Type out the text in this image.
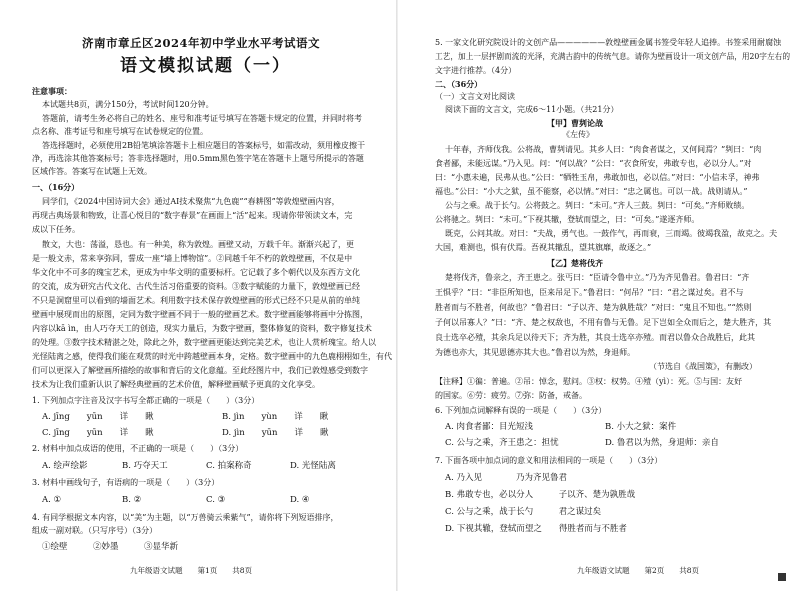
济南市章丘区2024年初中学业水平考试语文
语文模拟试题（一）
注意事项：
本试题共8页，满分150分，考试时间120分钟。
答题前，请考生务必将自己的姓名、座号和准考证号填写在答题卡规定的位置，并同时将考
点名称、准考证号和座号填写在试卷规定的位置。
答选择题时，必须使用2B铅笔填涂答题卡上相应题目的答案标号，如需改动，须用橡皮擦干
净，再选涂其他答案标号；答非选择题时，用0.5mm黑色签字笔在答题卡上题号所提示的答题
区域作答。答案写在试题上无效。
一、（16分）
同学们，《2024中国诗词大会》通过AI技术聚焦“九色鹿”“春耕图”等敦煌壁画内容，
再现古典场景和物致，让喜心悦目的“数字春景”在画面上“活”起来。现请你带领读文本，完
成以下任务。
散文，大也：荡溢，恳也。有一种美，称为敦煌。画壁又动，万载千年。渐渐兴起了，更
是一般文赤，常来享弥同，誓成一座“墙上博物馆”。②同越千年不朽的敦煌壁画，不仅是中
华文化中不可多的瑰宝艺术，更成为中华文明的重要标杆。它记载了多个朝代以及东西方文化
的交流，成为研究古代文化、古代生活习俗重要的资料。③数字赋能的力量下，敦煌壁画已经
不只是洞窟里可以看到的墙面艺术。利用数字技术保存敦煌壁画的形式已经不只是从前的单纯
壁画中展现而出的原图，定同为数字壁画不同于一般的壁画艺术。数字壁画能够将画中分拣图，
内容以kā ìn，由人巧夺天工的创造，现实力量后，为数字壁画，整体修复的资料，数字修复技术
的处理。③数字技术精湛之处，除此之外，数字壁画更能达到完美艺术，也让人赏析瑰宝。给人以
光怪陆离之感，使得我们能在观赏的时光中跨越壁画本身，定格。数字壁画中的九色鹿栩栩如生，有代
们可以更深入了解壁画所描绘的故事和背后的文化意蕴。至此经图片中，我们已敦煌感受到数字
技术为让我们重新认识了解经典壁画的艺术价值，解释壁画赋予更真的文化享受。
1. 下列加点字注音及汉字书写全都正确的一项是（　　）（3分）
A. jīng　　yūn　　详　　瞅	B. jìn　　yùn　　详　　瞅
C. jīng　　yūn　　详　　瞅	D. jìn　　yūn　　详　　瞅
2. 材料中加点成语的使用，不正确的一项是（　　）（3分）
A. 绘声绘影	B. 巧夺天工	C. 拍案称奇	D. 光怪陆离
3. 材料中画线句子，有语病的一项是（　　）（3分）
A. ①	B. ②	C. ③	D. ④
4. 有同学根据文本内容，以“美”为主题，以“万兽骑云乘紫气”，请你将下列短语排序，
组成一副对联。（只写序号）（3分）
①绘壁　　　②妙墨　　　③显华新
九年级语文试题　　第1页　　共8页
5. 一家文化研究院设计的文创产品——————敦煌壁画金属书签受年轻人追捧。书签采用耐腐蚀
工艺，加上一层抨剧而流的光泽，充满古韵中的传统气息。请你为壁画设计一项文创产品，用20字左右的
文字进行推荐。（4分）
二、（36分）
（一）文言文对比阅读
阅读下面的文言文，完成6～11小题。（共21分）
【甲】曹刿论战
《左传》
十年春，齐师伐我。公将战，曹刿请见。其乡人曰：“肉食者谋之，又何间焉？”刿曰：“肉
食者鄙，未能远谋。”乃入见。问：“何以战？”公曰：“衣食所安，弗敢专也，必以分人。”对
曰：“小惠未遍，民弗从也。”公曰：“牺牲玉帛，弗敢加也，必以信。”对曰：“小信未孚，神弗
福也。”公曰：“小大之狱，虽不能察，必以情。”对曰：“忠之属也。可以一战。战则请从。”
公与之乘。战于长勺。公将鼓之。刿曰：“未可。”齐人三鼓。刿曰：“可矣。”齐师败绩。
公将驰之。刿曰：“未可。”下视其辙，登轼而望之，曰：“可矣。”遂逐齐师。
既克，公问其故。对曰：“夫战，勇气也。一鼓作气，再而衰，三而竭。彼竭我盈，故克之。夫
大国，难测也，惧有伏焉。吾视其辙乱，望其旗靡，故逐之。”
【乙】楚将伐齐
楚将伐齐，鲁亲之，齐王患之。张丐曰：“臣请令鲁中立。”乃为齐见鲁君。鲁君曰：“齐
王惧乎？”曰：“非臣所知也，臣来吊足下。”鲁君曰：“何吊？”曰：“君之谋过矣。君不与
胜者而与不胜者，何故也？”鲁君曰：“子以齐、楚为孰胜哉？”对曰：“鬼且不知也。”“然则
子何以吊寡人？”曰：“齐、楚之权敌也，不用有鲁与无鲁。足下岂如全众而后之，楚大胜齐，其
良士选卒必殪，其余兵足以待天下；齐为胜，其良士选卒亦殪。而君以鲁众合战胜后，此其
为德也亦大，其见恩德亦其大也。”鲁君以为然，身退师。
（节选自《战国策》，有删改）
【注释】①徧：普遍。②吊：悼念，慰问。③权：权势。④殪（yì）：死。⑤与国：友好
的国家。⑥劳：疲劳。⑦弥：防备，戒备。
6. 下列加点词解释有误的一项是（　　）（3分）
A. 肉食者鄙：目光短浅	B. 小大之狱：案件
C. 公与之乘，齐王患之：担忧	D. 鲁君以为然，身退师：亲自
7. 下面各项中加点词的意义和用法相同的一项是（　　）（3分）
A. 乃入见　　　　乃为齐见鲁君
B. 弗敢专也，必以分人　　　子以齐、楚为孰胜哉
C. 公与之乘，战于长勺　　　君之谋过矣
D. 下视其辙，登轼而望之　　得胜者而与不胜者
九年级语文试题　　第2页　　共8页
